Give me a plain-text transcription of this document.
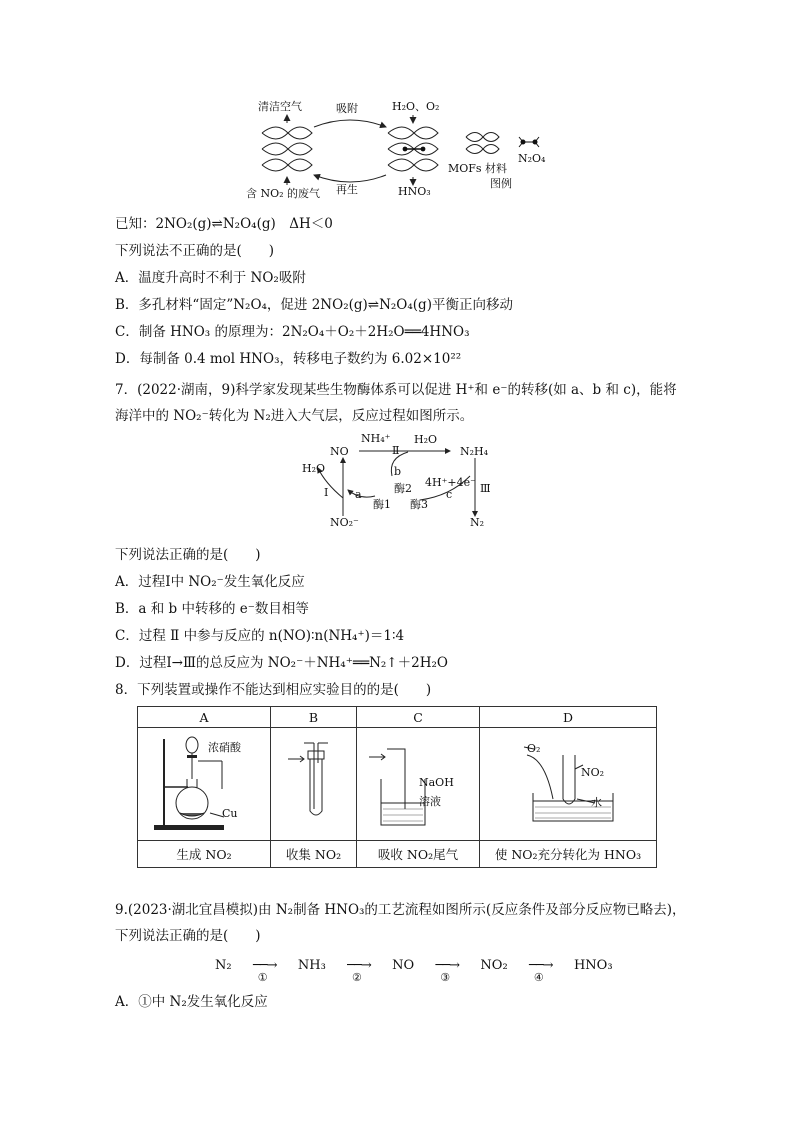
清洁空气	吸附	H₂O、O₂
含 NO₂ 的废气 再生	HNO₃
MOFs 材料
N₂O₄
图例
已知：2NO₂(g)⇌N₂O₄(g)　ΔH＜0
下列说法不正确的是(　　)
A．温度升高时不利于 NO₂吸附
B．多孔材料“固定”N₂O₄，促进 2NO₂(g)⇌N₂O₄(g)平衡正向移动
C．制备 HNO₃ 的原理为：2N₂O₄＋O₂＋2H₂O══4HNO₃
D．每制备 0.4 mol HNO₃，转移电子数约为 6.02×10²²
7．(2022·湖南，9)科学家发现某些生物酶体系可以促进 H⁺和 e⁻的转移(如 a、b 和 c)，能将
海洋中的 NO₂⁻转化为 N₂进入大气层，反应过程如图所示。
NH₄⁺
Ⅱ
H₂O
NO	N₂H₄
H₂O	b
酶2 4H⁺+4e⁻
Ⅰ a
酶1 酶3
c	Ⅲ
NO₂⁻	N₂
下列说法正确的是(　　)
A．过程Ⅰ中 NO₂⁻发生氧化反应
B．a 和 b 中转移的 e⁻数目相等
C．过程 Ⅱ 中参与反应的 n(NO)∶n(NH₄⁺)＝1∶4
D．过程Ⅰ→Ⅲ的总反应为 NO₂⁻＋NH₄⁺══N₂↑＋2H₂O
8．下列装置或操作不能达到相应实验目的的是(　　)
A	B	C	D

生成 NO₂	收集 NO₂	吸收 NO₂尾气	使 NO₂充分转化为 HNO₃
浓硝酸
Cu
NaOH
溶液
O₂
NO₂
水
9.(2023·湖北宜昌模拟)由 N₂制备 HNO₃的工艺流程如图所示(反应条件及部分反应物已略去)，
下列说法正确的是(　　)
N₂ ──→
①
NH₃ ──→
②
NO ──→
③
NO₂ ──→
④
HNO₃
A．①中 N₂发生氧化反应
